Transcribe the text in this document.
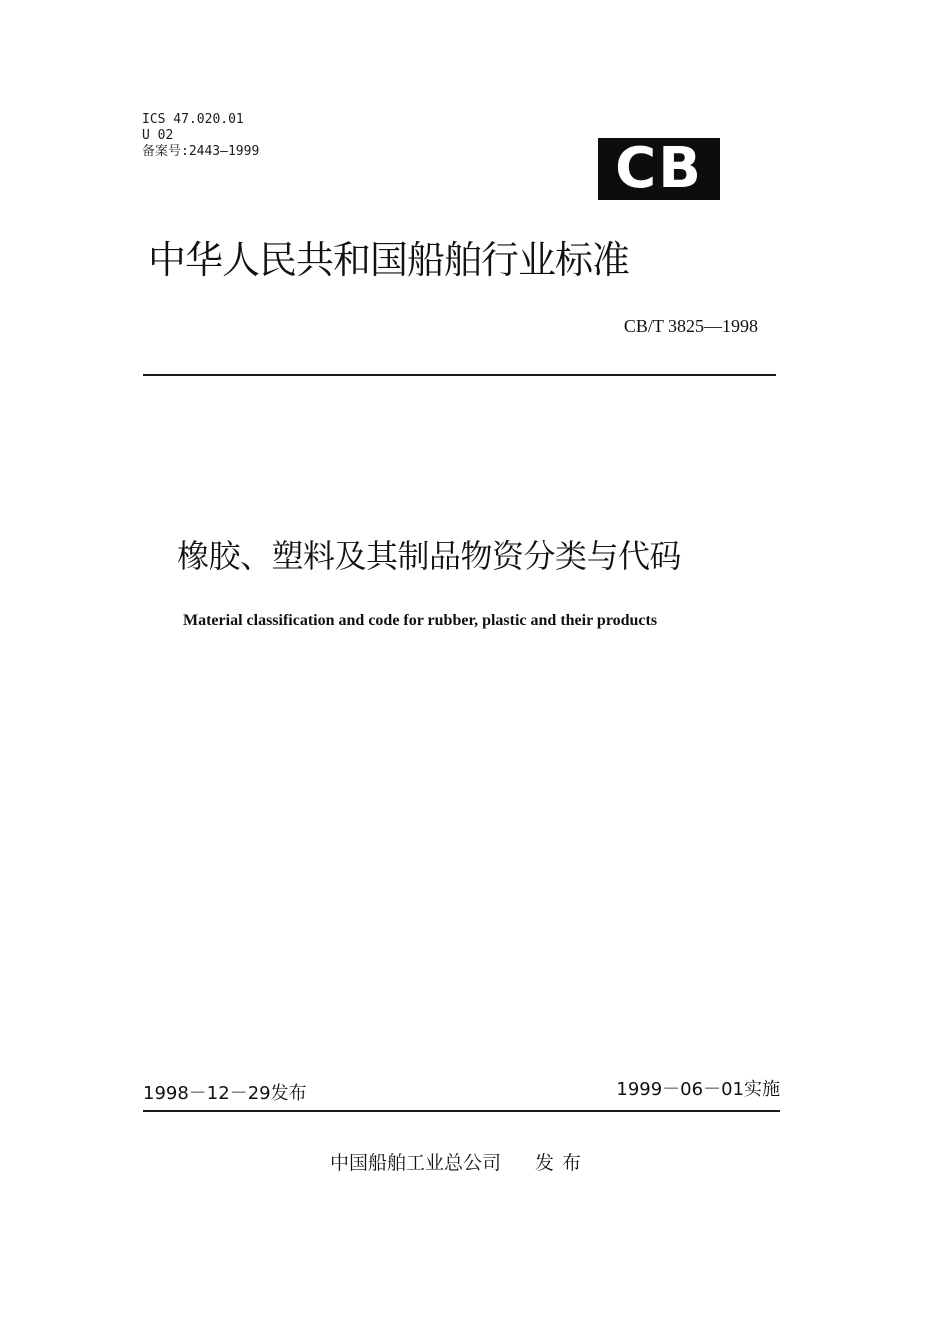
ICS 47.020.01
U 02
备案号:2443—1999	CB
中华人民共和国船舶行业标准
CB/T 3825—1998
橡胶、塑料及其制品物资分类与代码
Material classification and code for rubber, plastic and their products
1998－12－29发布	1999－06－01实施
中国船舶工业总公司 发布
